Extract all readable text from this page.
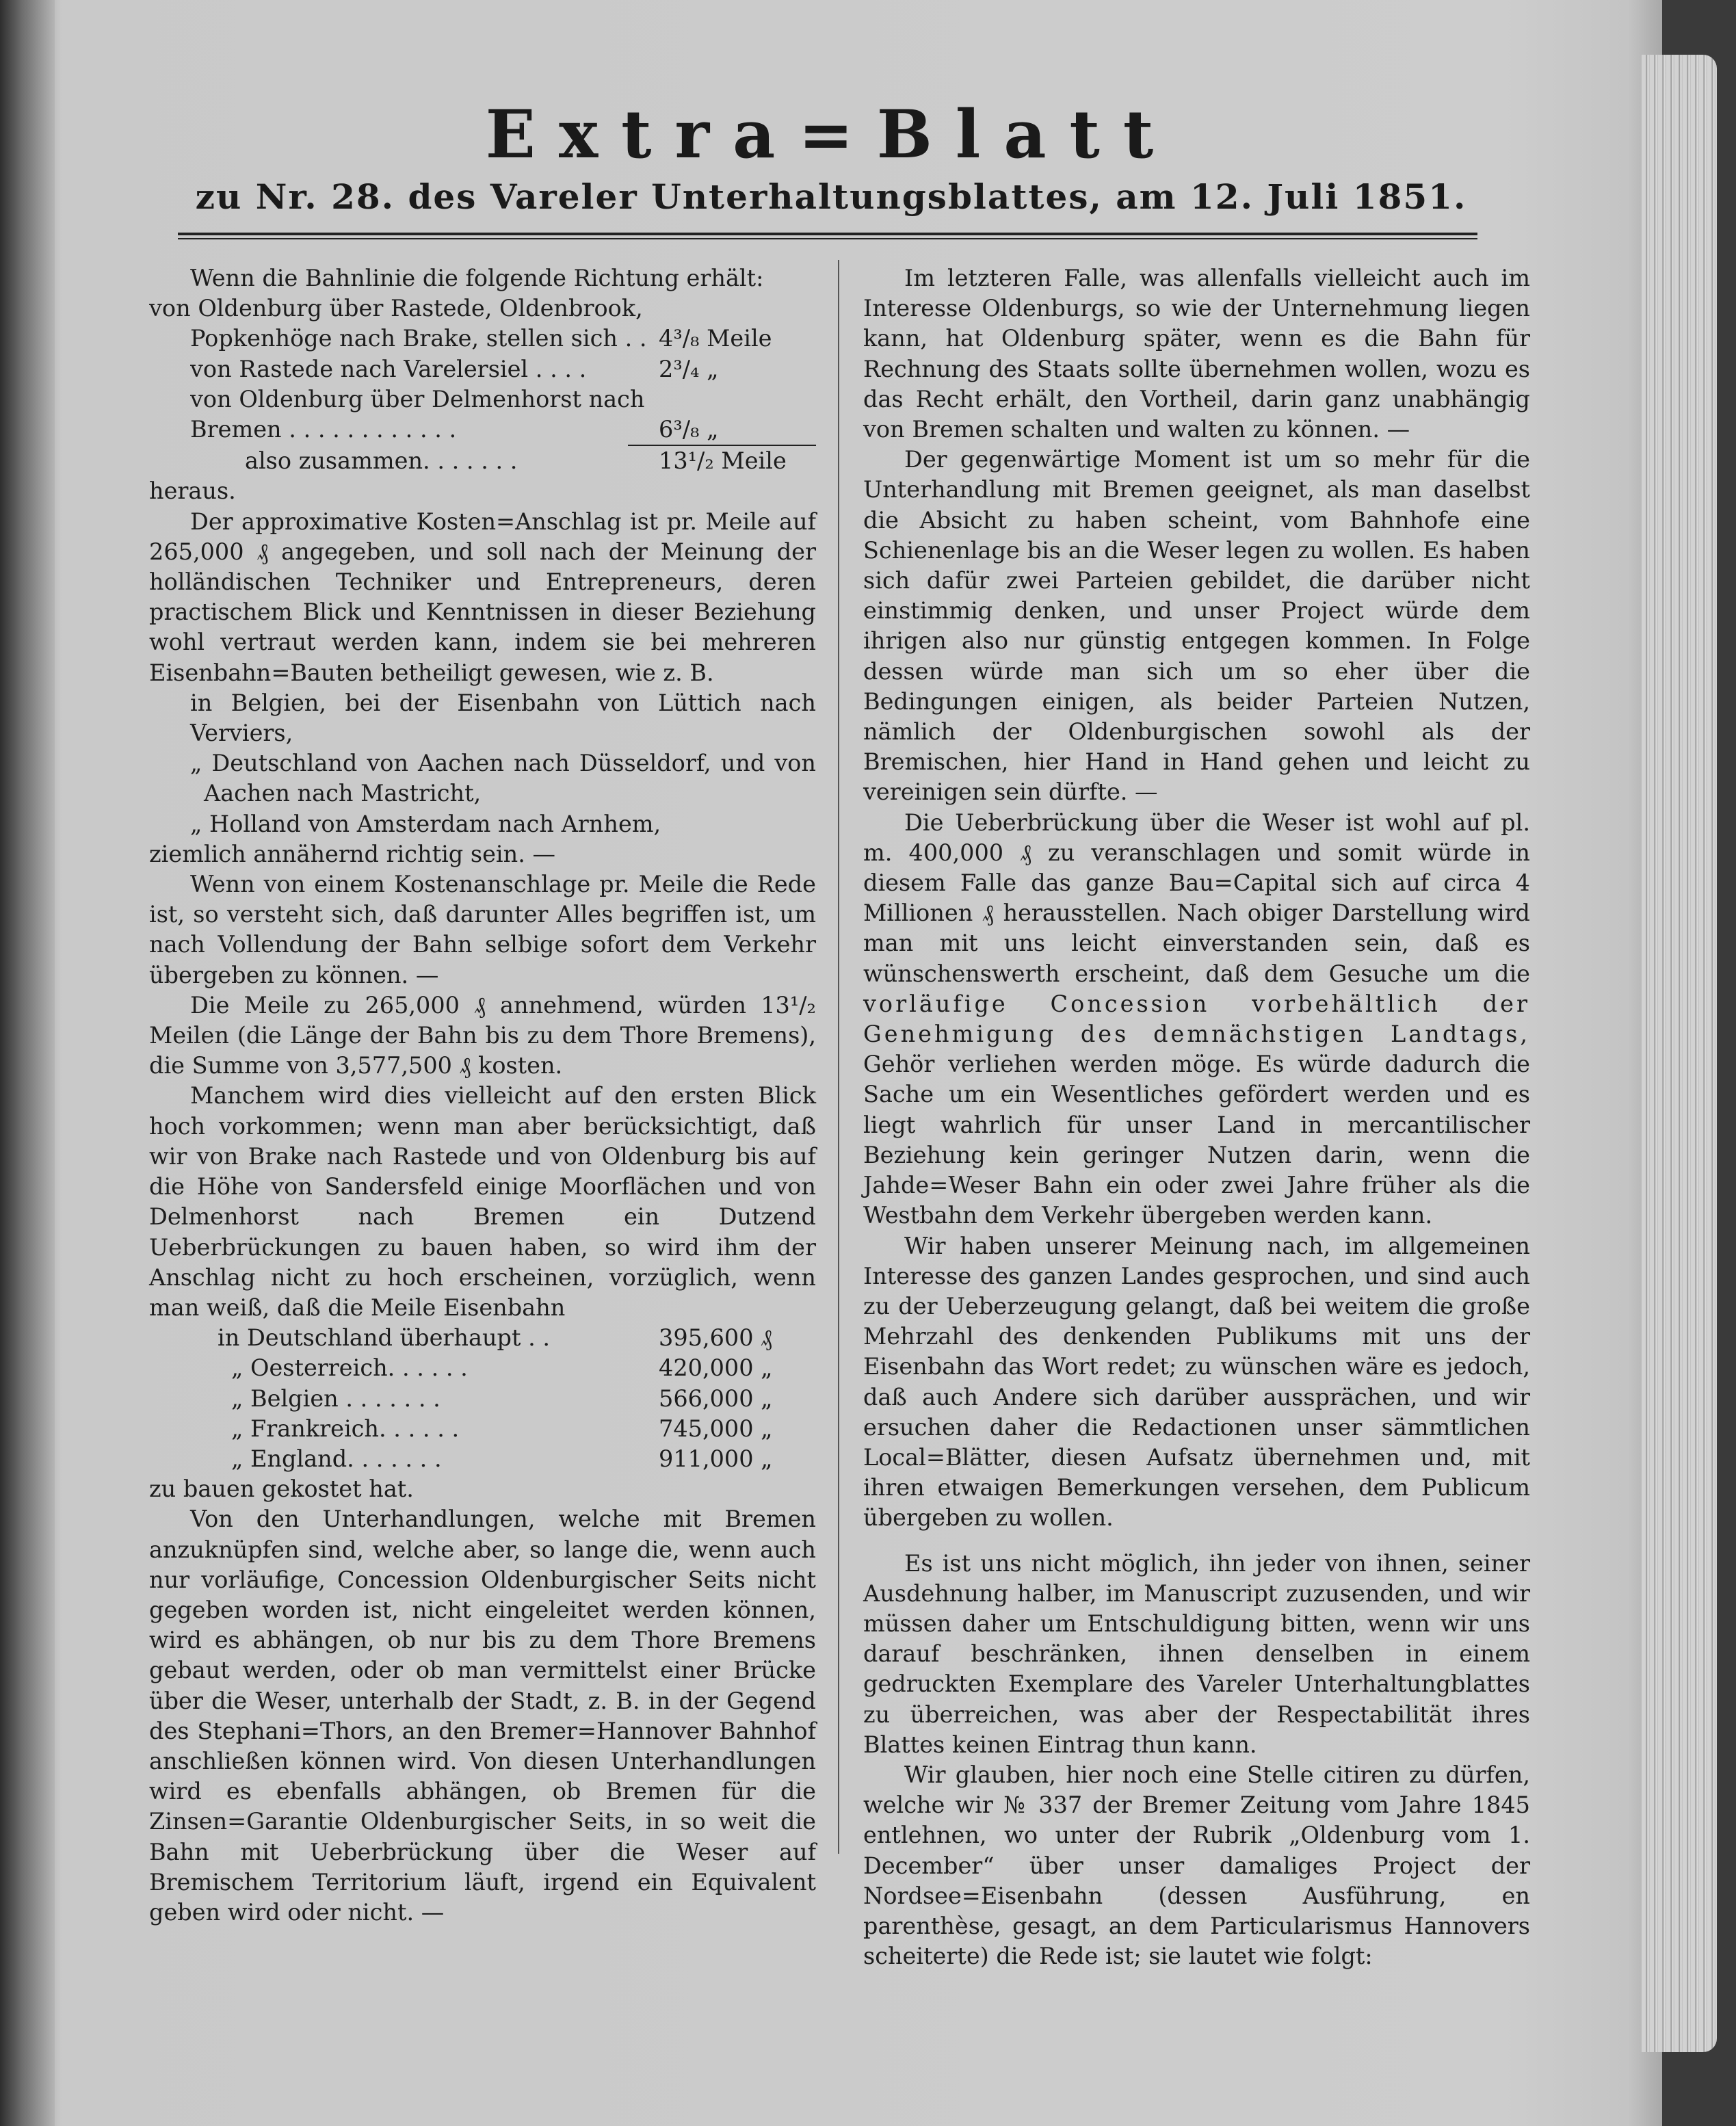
Extra=Blatt
zu Nr. 28. des Vareler Unterhaltungsblattes, am 12. Juli 1851.

Wenn die Bahnlinie die folgende Richtung erhält:

von Oldenburg über Rastede, Oldenbrook,
Popkenhöge nach Brake, stellen sich . . 4³/₈ Meile
von Rastede nach Varelersiel . . . .	2³/₄ „
von Oldenburg über Delmenhorst nach
Bremen . . . . . . . . . . . .	6³/₈ „
also zusammen. . . . . . .	13¹/₂ Meile

heraus.

Der approximative Kosten=Anschlag ist pr. Meile auf 265,000 ₰ angegeben, und soll nach der Meinung der holländischen Techniker und Entrepreneurs, deren practischem Blick und Kenntnissen in dieser Beziehung wohl vertraut werden kann, indem sie bei mehreren Eisenbahn=Bauten betheiligt gewesen, wie z. B.

in Belgien, bei der Eisenbahn von Lüttich nach Verviers,

„ Deutschland von Aachen nach Düsseldorf, und von Aachen nach Mastricht,

„ Holland von Amsterdam nach Arnhem,

ziemlich annähernd richtig sein. —

Wenn von einem Kostenanschlage pr. Meile die Rede ist, so versteht sich, daß darunter Alles begriffen ist, um nach Vollendung der Bahn selbige sofort dem Verkehr übergeben zu können. —

Die Meile zu 265,000 ₰ annehmend, würden 13¹/₂ Meilen (die Länge der Bahn bis zu dem Thore Bremens), die Summe von 3,577,500 ₰ kosten.

Manchem wird dies vielleicht auf den ersten Blick hoch vorkommen; wenn man aber berücksichtigt, daß wir von Brake nach Rastede und von Oldenburg bis auf die Höhe von Sandersfeld einige Moorflächen und von Delmenhorst nach Bremen ein Dutzend Ueberbrückungen zu bauen haben, so wird ihm der Anschlag nicht zu hoch erscheinen, vorzüglich, wenn man weiß, daß die Meile Eisenbahn

in Deutschland überhaupt . .	395,600 ₰
„ Oesterreich. . . . . .	420,000 „
„ Belgien . . . . . . .	566,000 „
„ Frankreich. . . . . .	745,000 „
„ England. . . . . . .	911,000 „

zu bauen gekostet hat.

Von den Unterhandlungen, welche mit Bremen anzuknüpfen sind, welche aber, so lange die, wenn auch nur vorläufige, Concession Oldenburgischer Seits nicht gegeben worden ist, nicht eingeleitet werden können, wird es abhängen, ob nur bis zu dem Thore Bremens gebaut werden, oder ob man vermittelst einer Brücke über die Weser, unterhalb der Stadt, z. B. in der Gegend des Stephani=Thors, an den Bremer=Hannover Bahnhof anschließen können wird. Von diesen Unterhandlungen wird es ebenfalls abhängen, ob Bremen für die Zinsen=Garantie Oldenburgischer Seits, in so weit die Bahn mit Ueberbrückung über die Weser auf Bremischem Territorium läuft, irgend ein Equivalent geben wird oder nicht. —

Im letzteren Falle, was allenfalls vielleicht auch im Interesse Oldenburgs, so wie der Unternehmung liegen kann, hat Oldenburg später, wenn es die Bahn für Rechnung des Staats sollte übernehmen wollen, wozu es das Recht erhält, den Vortheil, darin ganz unabhängig von Bremen schalten und walten zu können. —

Der gegenwärtige Moment ist um so mehr für die Unterhandlung mit Bremen geeignet, als man daselbst die Absicht zu haben scheint, vom Bahnhofe eine Schienenlage bis an die Weser legen zu wollen. Es haben sich dafür zwei Parteien gebildet, die darüber nicht einstimmig denken, und unser Project würde dem ihrigen also nur günstig entgegen kommen. In Folge dessen würde man sich um so eher über die Bedingungen einigen, als beider Parteien Nutzen, nämlich der Oldenburgischen sowohl als der Bremischen, hier Hand in Hand gehen und leicht zu vereinigen sein dürfte. —

Die Ueberbrückung über die Weser ist wohl auf pl. m. 400,000 ₰ zu veranschlagen und somit würde in diesem Falle das ganze Bau=Capital sich auf circa 4 Millionen ₰ herausstellen. Nach obiger Darstellung wird man mit uns leicht einverstanden sein, daß es wünschenswerth erscheint, daß dem Gesuche um die vorläufige Concession vorbehältlich der Genehmigung des demnächstigen Landtags, Gehör verliehen werden möge. Es würde dadurch die Sache um ein Wesentliches gefördert werden und es liegt wahrlich für unser Land in mercantilischer Beziehung kein geringer Nutzen darin, wenn die Jahde=Weser Bahn ein oder zwei Jahre früher als die Westbahn dem Verkehr übergeben werden kann.

Wir haben unserer Meinung nach, im allgemeinen Interesse des ganzen Landes gesprochen, und sind auch zu der Ueberzeugung gelangt, daß bei weitem die große Mehrzahl des denkenden Publikums mit uns der Eisenbahn das Wort redet; zu wünschen wäre es jedoch, daß auch Andere sich darüber aussprächen, und wir ersuchen daher die Redactionen unser sämmtlichen Local=Blätter, diesen Aufsatz übernehmen und, mit ihren etwaigen Bemerkungen versehen, dem Publicum übergeben zu wollen.

Es ist uns nicht möglich, ihn jeder von ihnen, seiner Ausdehnung halber, im Manuscript zuzusenden, und wir müssen daher um Entschuldigung bitten, wenn wir uns darauf beschränken, ihnen denselben in einem gedruckten Exemplare des Vareler Unterhaltungblattes zu überreichen, was aber der Respectabilität ihres Blattes keinen Eintrag thun kann.

Wir glauben, hier noch eine Stelle citiren zu dürfen, welche wir № 337 der Bremer Zeitung vom Jahre 1845 entlehnen, wo unter der Rubrik „Oldenburg vom 1. December“ über unser damaliges Project der Nordsee=Eisenbahn (dessen Ausführung, en parenthèse, gesagt, an dem Particularismus Hannovers scheiterte) die Rede ist; sie lautet wie folgt:
